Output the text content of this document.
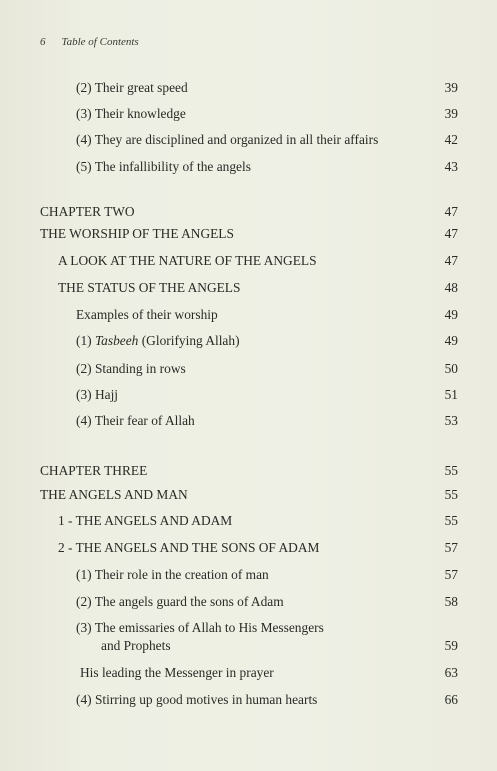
6 Table of Contents
(2) Their great speed	39
(3) Their knowledge	39
(4) They are disciplined and organized in all their affairs	42
(5) The infallibility of the angels	43
CHAPTER TWO	47
THE WORSHIP OF THE ANGELS	47
A LOOK AT THE NATURE OF THE ANGELS	47
THE STATUS OF THE ANGELS	48
Examples of their worship	49
(1) Tasbeeh (Glorifying Allah)	49
(2) Standing in rows	50
(3) Hajj	51
(4) Their fear of Allah	53
CHAPTER THREE	55
THE ANGELS AND MAN	55
1 - THE ANGELS AND ADAM	55
2 - THE ANGELS AND THE SONS OF ADAM	57
(1) Their role in the creation of man	57
(2) The angels guard the sons of Adam	58
(3) The emissaries of Allah to His Messengers
and Prophets	59
His leading the Messenger in prayer	63
(4) Stirring up good motives in human hearts	66
